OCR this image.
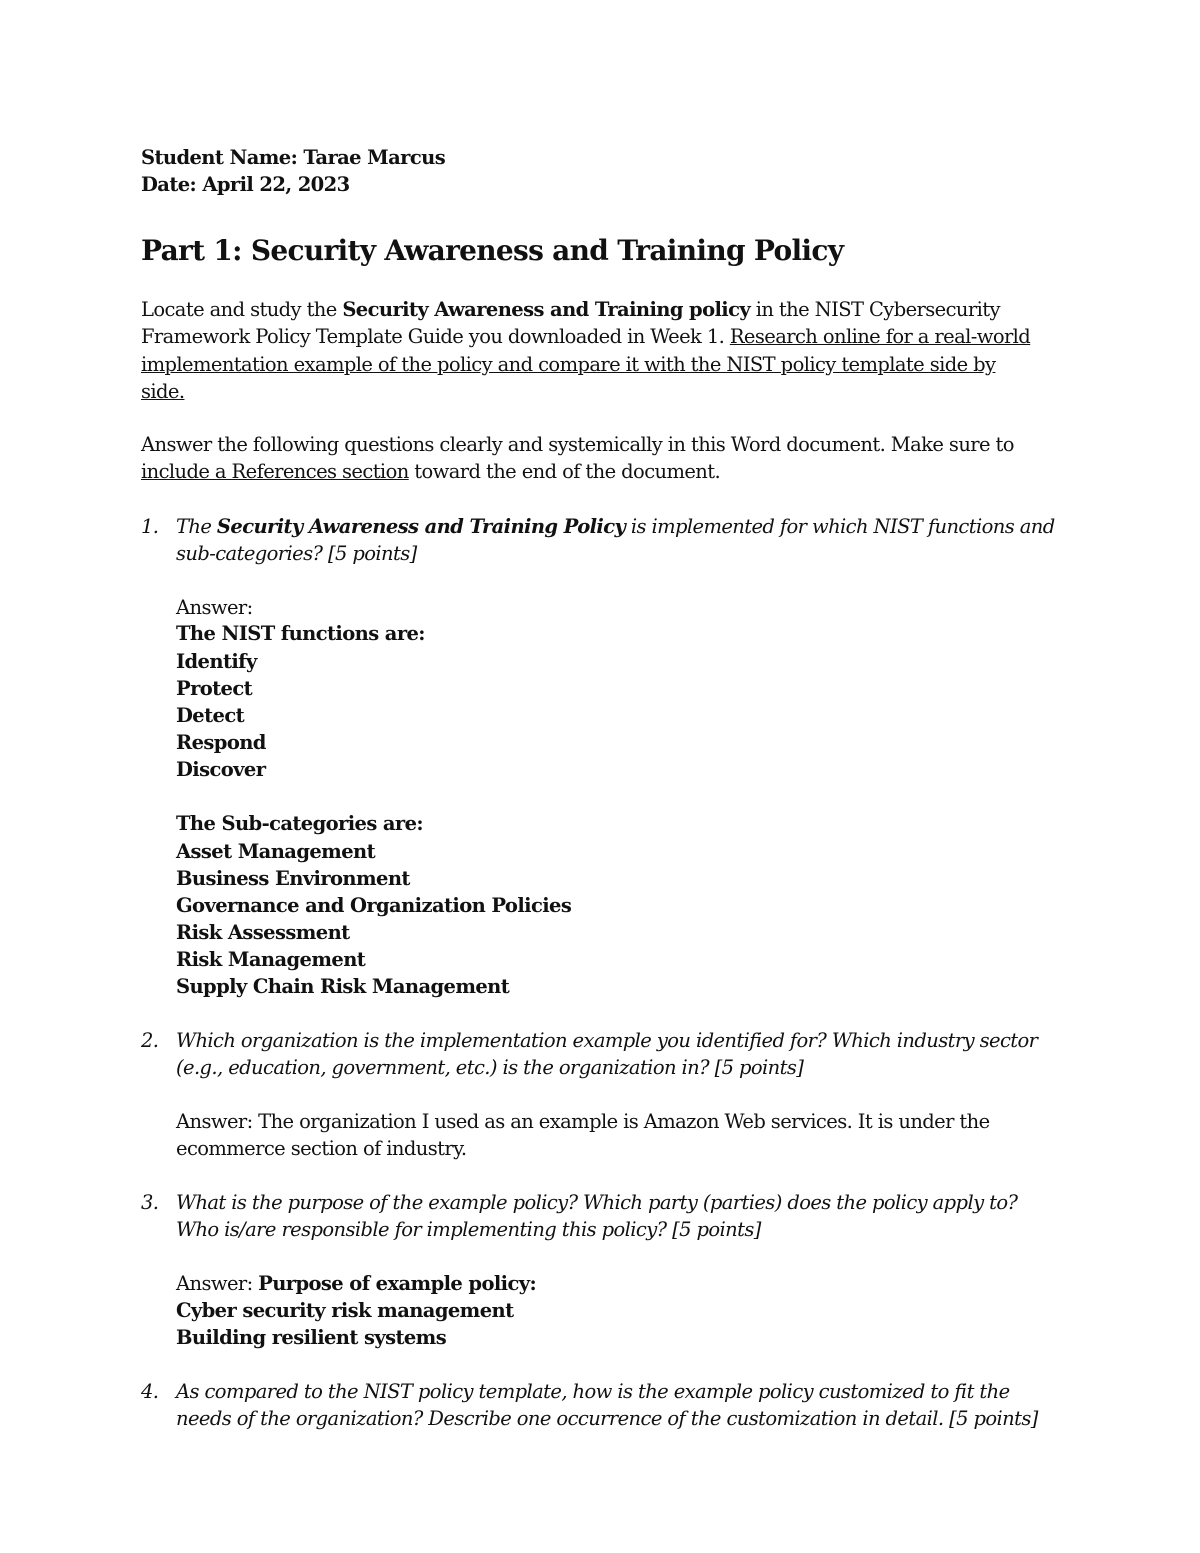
Student Name: Tarae Marcus
Date: April 22, 2023
Part 1: Security Awareness and Training Policy
Locate and study the Security Awareness and Training policy in the NIST Cybersecurity
Framework Policy Template Guide you downloaded in Week 1. Research online for a real-world
implementation example of the policy and compare it with the NIST policy template side by
side.
Answer the following questions clearly and systemically in this Word document. Make sure to
include a References section toward the end of the document.
1. The Security Awareness and Training Policy is implemented for which NIST functions and
sub-categories? [5 points]
Answer:
The NIST functions are:
Identify
Protect
Detect
Respond
Discover
The Sub-categories are:
Asset Management
Business Environment
Governance and Organization Policies
Risk Assessment
Risk Management
Supply Chain Risk Management
2. Which organization is the implementation example you identified for? Which industry sector
(e.g., education, government, etc.) is the organization in? [5 points]
Answer: The organization I used as an example is Amazon Web services. It is under the
ecommerce section of industry.
3. What is the purpose of the example policy? Which party (parties) does the policy apply to?
Who is/are responsible for implementing this policy? [5 points]
Answer: Purpose of example policy:
Cyber security risk management
Building resilient systems
4. As compared to the NIST policy template, how is the example policy customized to fit the
needs of the organization? Describe one occurrence of the customization in detail. [5 points]
